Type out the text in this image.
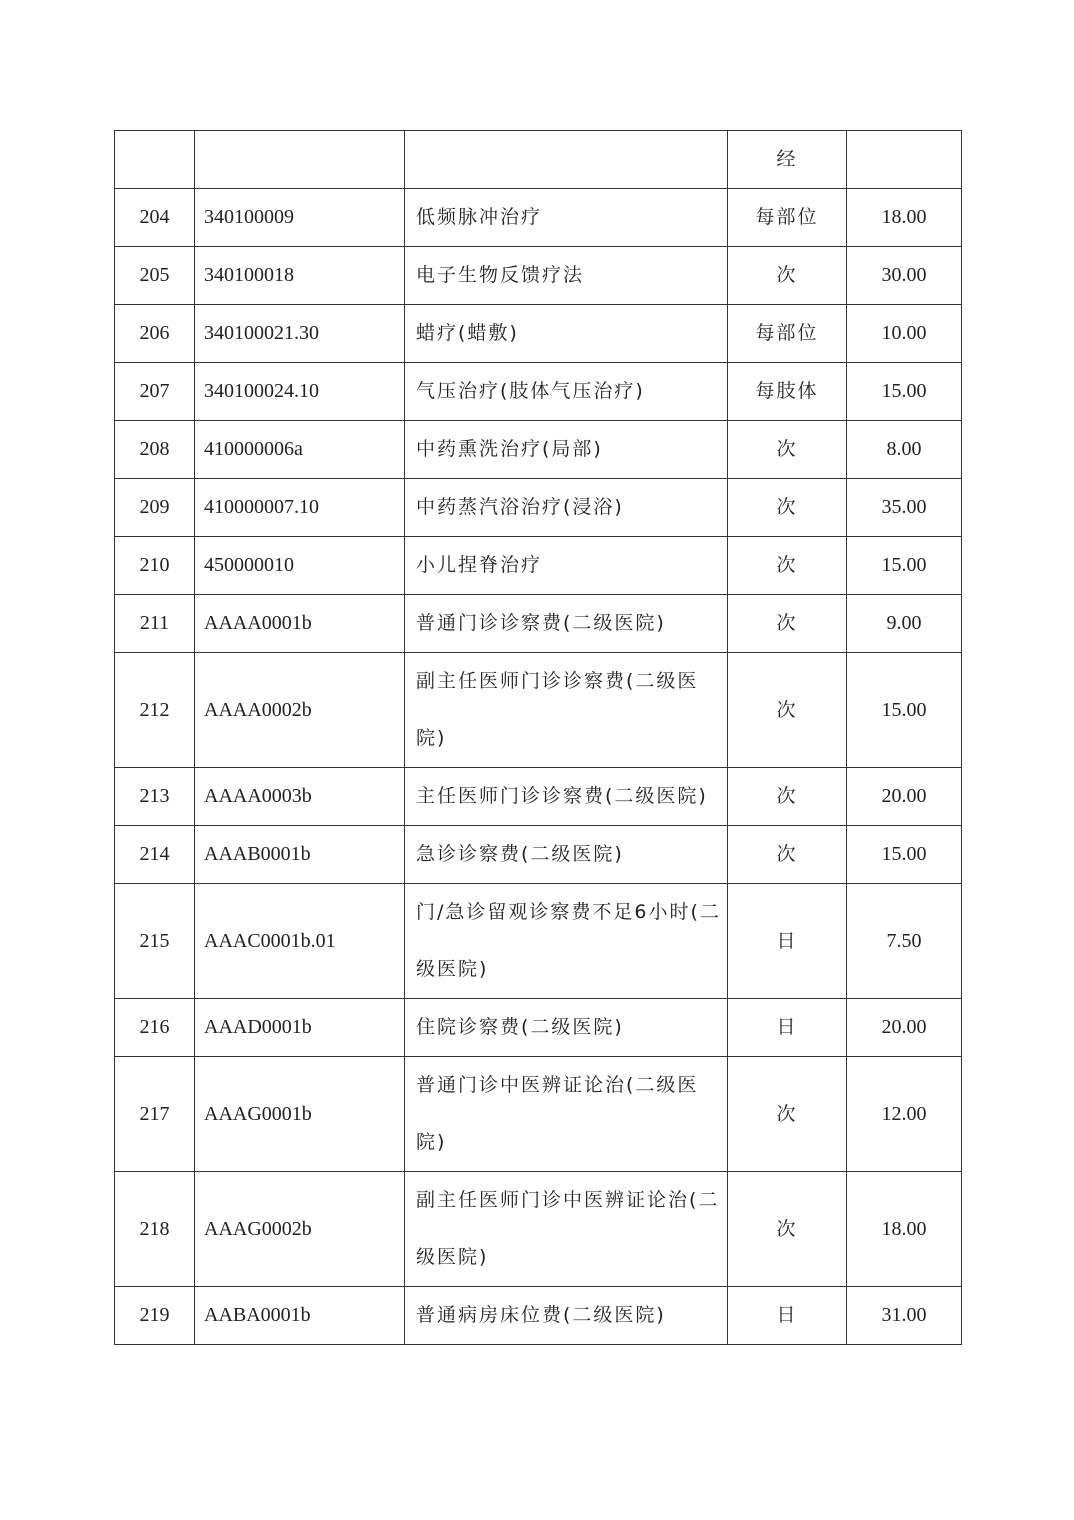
			经	
204	340100009	低频脉冲治疗	每部位	18.00
205	340100018	电子生物反馈疗法	次	30.00
206	340100021.30	蜡疗(蜡敷)	每部位	10.00
207	340100024.10	气压治疗(肢体气压治疗)	每肢体	15.00
208	410000006a	中药熏洗治疗(局部)	次	8.00
209	410000007.10	中药蒸汽浴治疗(浸浴)	次	35.00
210	450000010	小儿捏脊治疗	次	15.00
211	AAAA0001b	普通门诊诊察费(二级医院)	次	9.00
212	AAAA0002b	副主任医师门诊诊察费(二级医院)	次	15.00
213	AAAA0003b	主任医师门诊诊察费(二级医院)	次	20.00
214	AAAB0001b	急诊诊察费(二级医院)	次	15.00
215	AAAC0001b.01	门/急诊留观诊察费不足6小时(二级医院)	日	7.50
216	AAAD0001b	住院诊察费(二级医院)	日	20.00
217	AAAG0001b	普通门诊中医辨证论治(二级医院)	次	12.00
218	AAAG0002b	副主任医师门诊中医辨证论治(二级医院)	次	18.00
219	AABA0001b	普通病房床位费(二级医院)	日	31.00
